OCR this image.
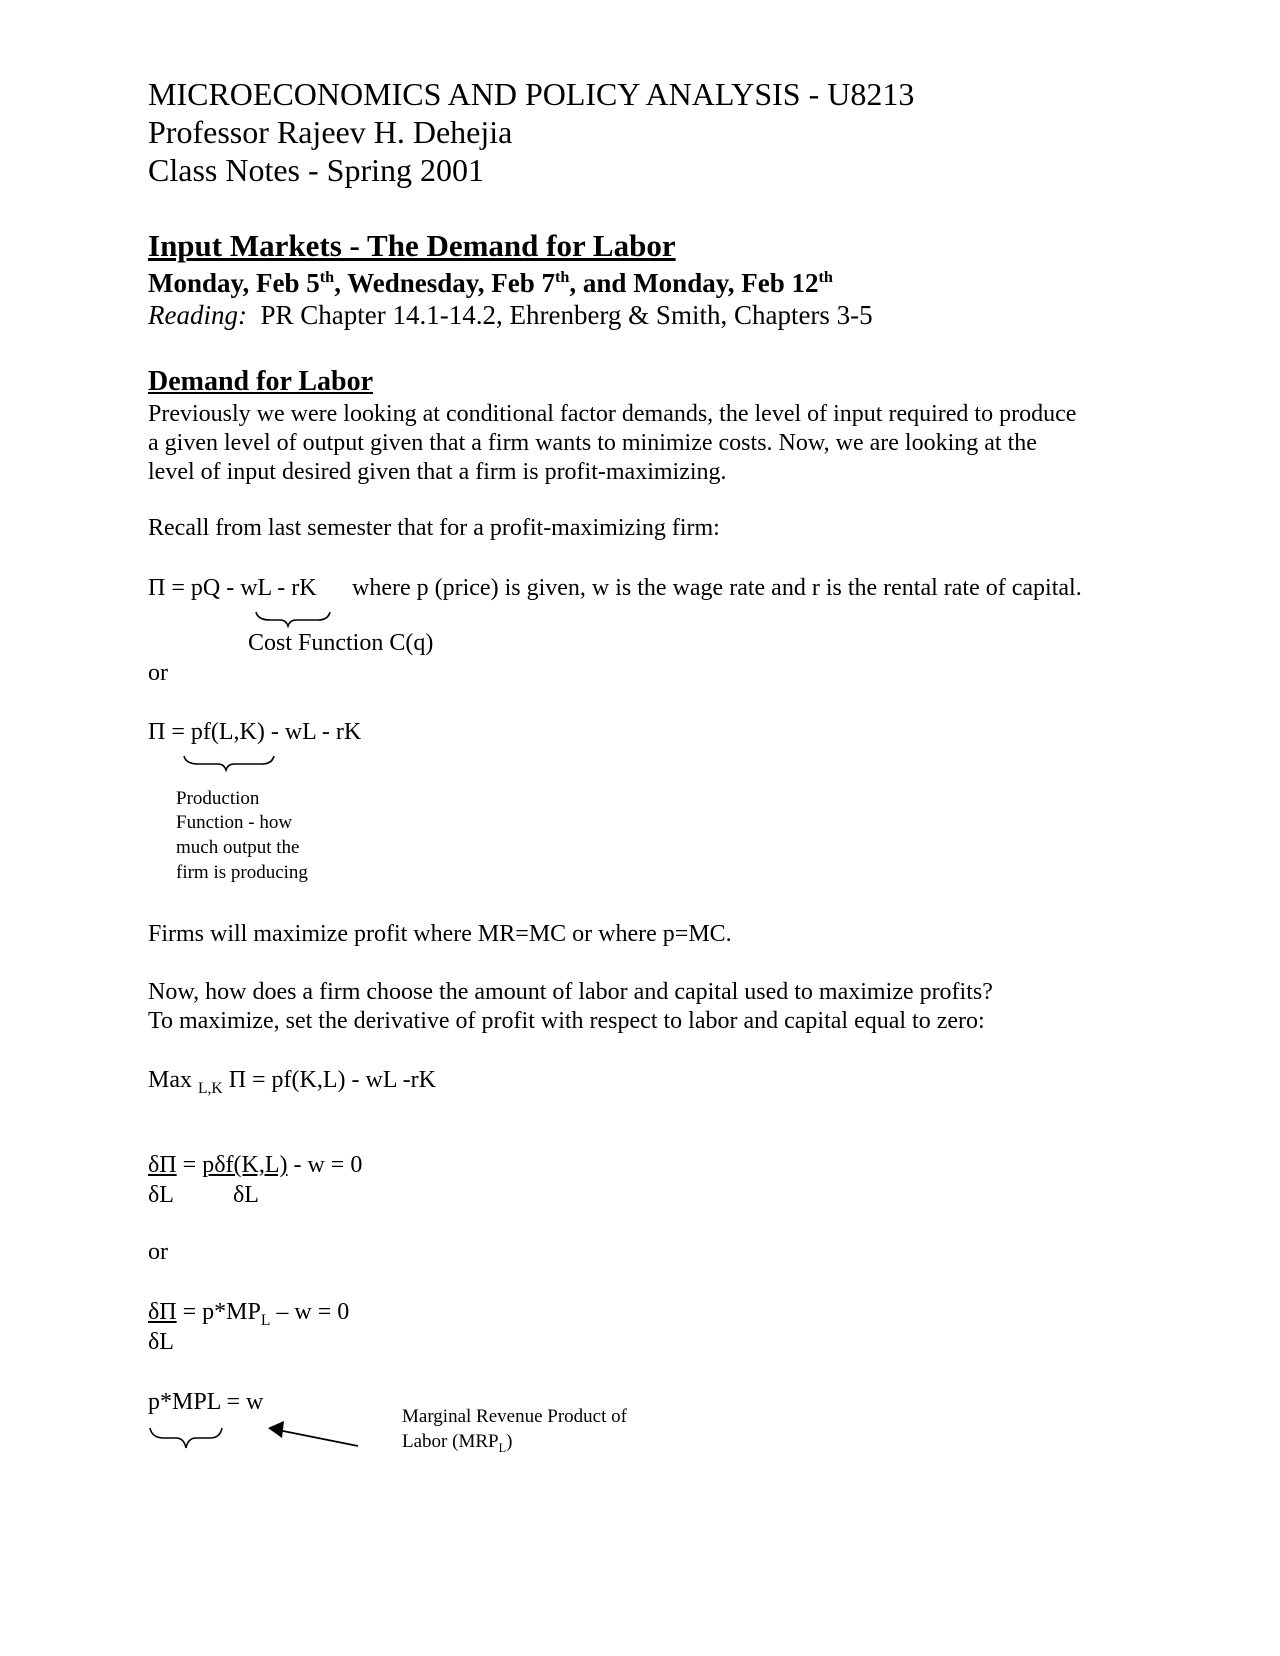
MICROECONOMICS AND POLICY ANALYSIS - U8213
Professor Rajeev H. Dehejia
Class Notes - Spring 2001
Input Markets - The Demand for Labor
Monday, Feb 5th, Wednesday, Feb 7th, and Monday, Feb 12th
Reading: PR Chapter 14.1-14.2, Ehrenberg & Smith, Chapters 3-5
Demand for Labor
Previously we were looking at conditional factor demands, the level of input required to produce
a given level of output given that a firm wants to minimize costs. Now, we are looking at the
level of input desired given that a firm is profit-maximizing.
Recall from last semester that for a profit-maximizing firm:
Π = pQ - wL - rK where p (price) is given, w is the wage rate and r is the rental rate of capital.
Cost Function C(q)
or
Π = pf(L,K) - wL - rK
Production
Function - how
much output the
firm is producing
Firms will maximize profit where MR=MC or where p=MC.
Now, how does a firm choose the amount of labor and capital used to maximize profits?
To maximize, set the derivative of profit with respect to labor and capital equal to zero:
Max $_{L,K}$ Π = pf(K,L) - wL -rK
δΠ = pδf(K,L) - w = 0
δL δL
or
$\delta\Pi = p*MP_L - w = 0$
δL
p*MPL = w
Marginal Revenue Product of
Labor $(MRP_L)$
